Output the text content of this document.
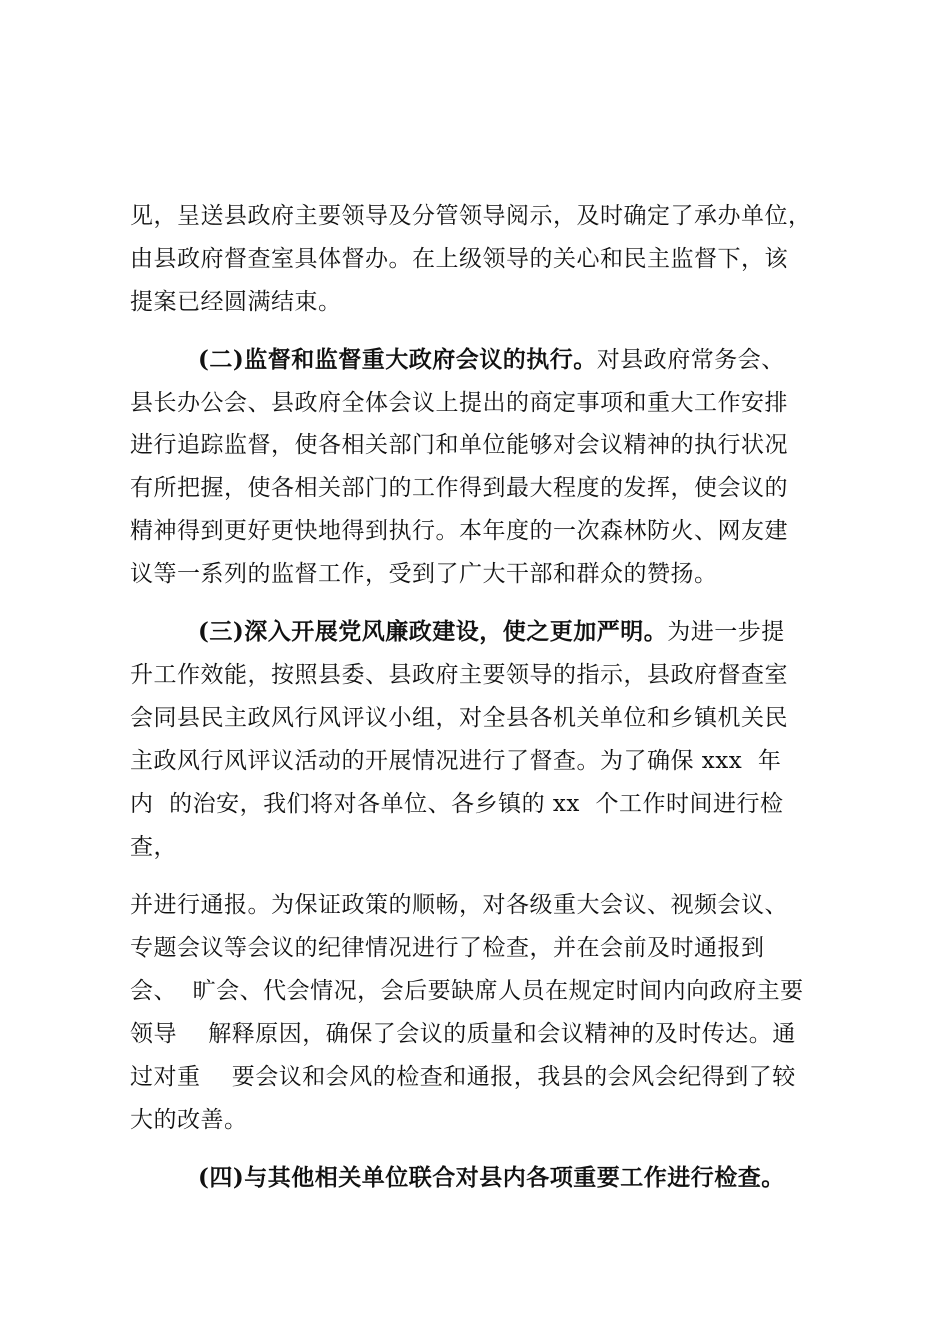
见，呈送县政府主要领导及分管领导阅示，及时确定了承办单位，
由县政府督查室具体督办。在上级领导的关心和民主监督下，该
提案已经圆满结束。
(二)监督和监督重大政府会议的执行。对县政府常务会、
县长办公会、县政府全体会议上提出的商定事项和重大工作安排
进行追踪监督，使各相关部门和单位能够对会议精神的执行状况
有所把握，使各相关部门的工作得到最大程度的发挥，使会议的
精神得到更好更快地得到执行。本年度的一次森林防火、网友建
议等一系列的监督工作，受到了广大干部和群众的赞扬。
(三)深入开展党风廉政建设，使之更加严明。为进一步提
升工作效能，按照县委、县政府主要领导的指示，县政府督查室
会同县民主政风行风评议小组，对全县各机关单位和乡镇机关民
主政风行风评议活动的开展情况进行了督查。为了确保 xxx  年
内  的治安，我们将对各单位、各乡镇的 xx  个工作时间进行检
查，
并进行通报。为保证政策的顺畅，对各级重大会议、视频会议、
专题会议等会议的纪律情况进行了检查，并在会前及时通报到
会、  旷会、代会情况，会后要缺席人员在规定时间内向政府主要
领导    解释原因，确保了会议的质量和会议精神的及时传达。通
过对重    要会议和会风的检查和通报，我县的会风会纪得到了较
大的改善。
(四)与其他相关单位联合对县内各项重要工作进行检查。
